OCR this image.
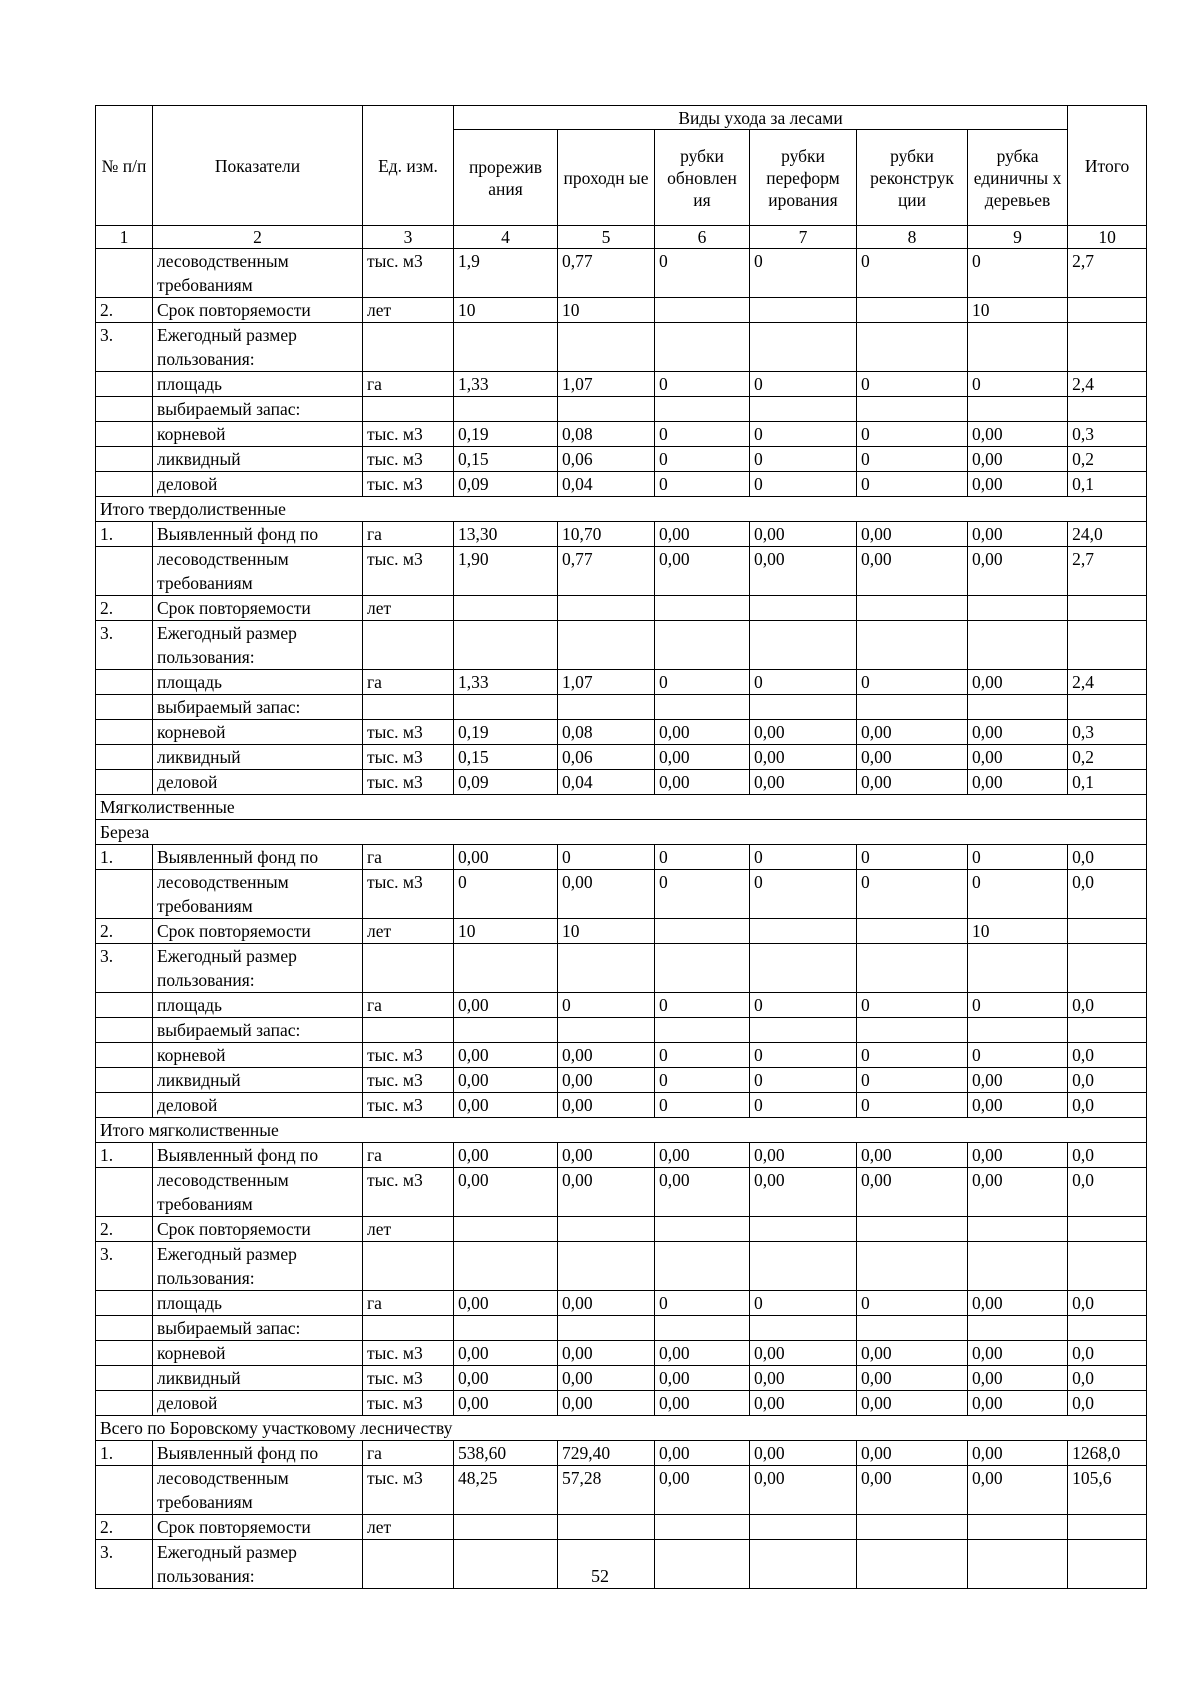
№ п/п	Показатели	Ед. изм.	Виды ухода за лесами						Итого
			прорежив ания	проходн ые	рубки обновлен ия	рубки переформ ирования	рубки реконструк ции	рубка единичны х деревьев	
1	2	3	4	5	6	7	8	9	10
	лесоводственным требованиям	тыс. м3	1,9	0,77	0	0	0	0	2,7
2.	Срок повторяемости	лет	10	10				10	
3.	Ежегодный размер пользования:								
	площадь	га	1,33	1,07	0	0	0	0	2,4
	выбираемый запас:								
	корневой	тыс. м3	0,19	0,08	0	0	0	0,00	0,3
	ликвидный	тыс. м3	0,15	0,06	0	0	0	0,00	0,2
	деловой	тыс. м3	0,09	0,04	0	0	0	0,00	0,1
Итого твердолиственные									
1.	Выявленный фонд по	га	13,30	10,70	0,00	0,00	0,00	0,00	24,0
	лесоводственным требованиям	тыс. м3	1,90	0,77	0,00	0,00	0,00	0,00	2,7
2.	Срок повторяемости	лет							
3.	Ежегодный размер пользования:								
	площадь	га	1,33	1,07	0	0	0	0,00	2,4
	выбираемый запас:								
	корневой	тыс. м3	0,19	0,08	0,00	0,00	0,00	0,00	0,3
	ликвидный	тыс. м3	0,15	0,06	0,00	0,00	0,00	0,00	0,2
	деловой	тыс. м3	0,09	0,04	0,00	0,00	0,00	0,00	0,1
Мягколиственные									
Береза									
1.	Выявленный фонд по	га	0,00	0	0	0	0	0	0,0
	лесоводственным требованиям	тыс. м3	0	0,00	0	0	0	0	0,0
2.	Срок повторяемости	лет	10	10				10	
3.	Ежегодный размер пользования:								
	площадь	га	0,00	0	0	0	0	0	0,0
	выбираемый запас:								
	корневой	тыс. м3	0,00	0,00	0	0	0	0	0,0
	ликвидный	тыс. м3	0,00	0,00	0	0	0	0,00	0,0
	деловой	тыс. м3	0,00	0,00	0	0	0	0,00	0,0
Итого мягколиственные									
1.	Выявленный фонд по	га	0,00	0,00	0,00	0,00	0,00	0,00	0,0
	лесоводственным требованиям	тыс. м3	0,00	0,00	0,00	0,00	0,00	0,00	0,0
2.	Срок повторяемости	лет							
3.	Ежегодный размер пользования:								
	площадь	га	0,00	0,00	0	0	0	0,00	0,0
	выбираемый запас:								
	корневой	тыс. м3	0,00	0,00	0,00	0,00	0,00	0,00	0,0
	ликвидный	тыс. м3	0,00	0,00	0,00	0,00	0,00	0,00	0,0
	деловой	тыс. м3	0,00	0,00	0,00	0,00	0,00	0,00	0,0
Всего по Боровскому участковому лесничеству									
1.	Выявленный фонд по	га	538,60	729,40	0,00	0,00	0,00	0,00	1268,0
	лесоводственным требованиям	тыс. м3	48,25	57,28	0,00	0,00	0,00	0,00	105,6
2.	Срок повторяемости	лет							
3.	Ежегодный размер пользования:									52
